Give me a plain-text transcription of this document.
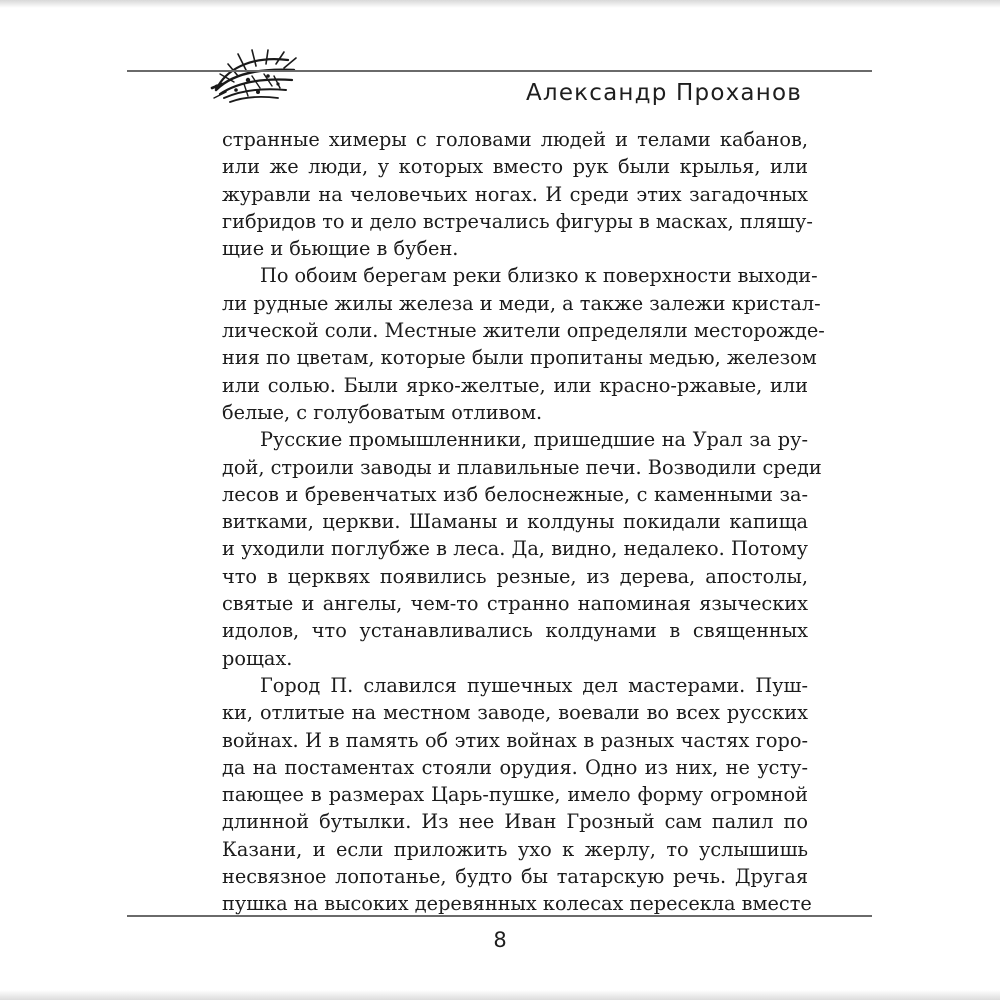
Александр Проханов
странные химеры с головами людей и телами кабанов,
или же люди, у которых вместо рук были крылья, или
журавли на человечьих ногах. И среди этих загадочных
гибридов то и дело встречались фигуры в масках, пляшу-
щие и бьющие в бубен.
По обоим берегам реки близко к поверхности выходи-
ли рудные жилы железа и меди, а также залежи кристал-
лической соли. Местные жители определяли месторожде-
ния по цветам, которые были пропитаны медью, железом
или солью. Были ярко-желтые, или красно-ржавые, или
белые, с голубоватым отливом.
Русские промышленники, пришедшие на Урал за ру-
дой, строили заводы и плавильные печи. Возводили среди
лесов и бревенчатых изб белоснежные, с каменными за-
витками, церкви. Шаманы и колдуны покидали капища
и уходили поглубже в леса. Да, видно, недалеко. Потому
что в церквях появились резные, из дерева, апостолы,
святые и ангелы, чем-то странно напоминая языческих
идолов, что устанавливались колдунами в священных
рощах.
Город П. славился пушечных дел мастерами. Пуш-
ки, отлитые на местном заводе, воевали во всех русских
войнах. И в память об этих войнах в разных частях горо-
да на постаментах стояли орудия. Одно из них, не усту-
пающее в размерах Царь-пушке, имело форму огромной
длинной бутылки. Из нее Иван Грозный сам палил по
Казани, и если приложить ухо к жерлу, то услышишь
несвязное лопотанье, будто бы татарскую речь. Другая
пушка на высоких деревянных колесах пересекла вместе
8
